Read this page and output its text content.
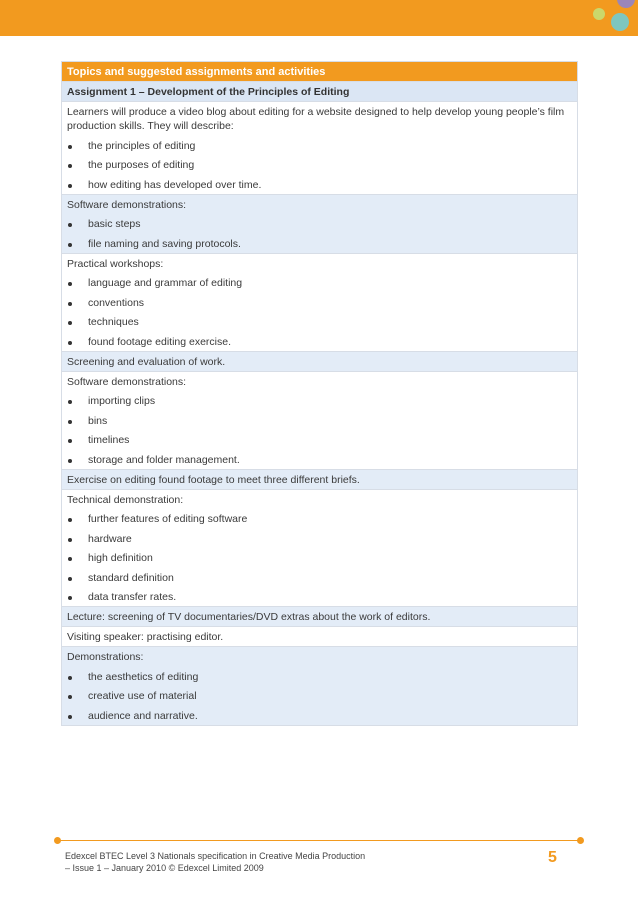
Topics and suggested assignments and activities
Assignment 1 – Development of the Principles of Editing

Learners will produce a video blog about editing for a website designed to help develop young people’s film production skills. They will describe:
the principles of editing
the purposes of editing
how editing has developed over time.

Software demonstrations:
basic steps
file naming and saving protocols.

Practical workshops:
language and grammar of editing
conventions
techniques
found footage editing exercise.

Screening and evaluation of work.

Software demonstrations:
importing clips
bins
timelines
storage and folder management.

Exercise on editing found footage to meet three different briefs.

Technical demonstration:
further features of editing software
hardware
high definition
standard definition
data transfer rates.

Lecture: screening of TV documentaries/DVD extras about the work of editors.

Visiting speaker: practising editor.

Demonstrations:
the aesthetics of editing
creative use of material
audience and narrative.
Edexcel BTEC Level 3 Nationals specification in Creative Media Production
– Issue 1 – January 2010 © Edexcel Limited 2009
5
